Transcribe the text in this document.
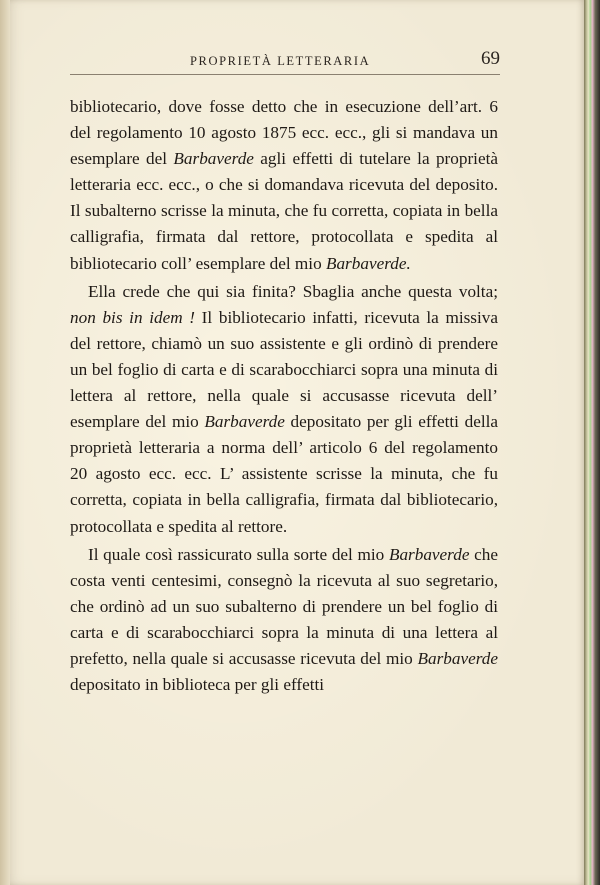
PROPRIETÀ LETTERARIA	69

bibliotecario, dove fosse detto che in esecuzione dell’art. 6 del regolamento 10 agosto 1875 ecc. ecc., gli si mandava un esemplare del Barbaverde agli effetti di tutelare la proprietà letteraria ecc. ecc., o che si domandava ricevuta del deposito. Il subalterno scrisse la minuta, che fu corretta, copiata in bella calligrafia, firmata dal rettore, protocollata e spedita al bibliotecario coll’ esemplare del mio Barbaverde.

Ella crede che qui sia finita? Sbaglia anche questa volta; non bis in idem ! Il bibliotecario infatti, ricevuta la missiva del rettore, chiamò un suo assistente e gli ordinò di prendere un bel foglio di carta e di scarabocchiarci sopra una minuta di lettera al rettore, nella quale si accusasse ricevuta dell’ esemplare del mio Barbaverde depositato per gli effetti della proprietà letteraria a norma dell’ articolo 6 del regolamento 20 agosto ecc. ecc. L’ assistente scrisse la minuta, che fu corretta, copiata in bella calligrafia, firmata dal bibliotecario, protocollata e spedita al rettore.

Il quale così rassicurato sulla sorte del mio Barbaverde che costa venti centesimi, consegnò la ricevuta al suo segretario, che ordinò ad un suo subalterno di prendere un bel foglio di carta e di scarabocchiarci sopra la minuta di una lettera al prefetto, nella quale si accusasse ricevuta del mio Barbaverde depositato in biblioteca per gli effetti
